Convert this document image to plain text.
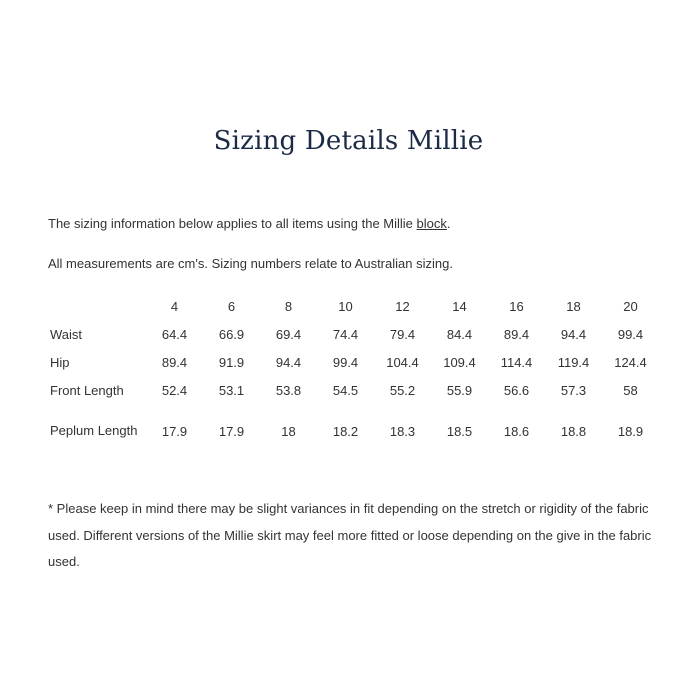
Sizing Details Millie
The sizing information below applies to all items using the Millie block.
All measurements are cm's. Sizing numbers relate to Australian sizing.
	4	6	8	10	12	14	16	18	20
Waist	64.4	66.9	69.4	74.4	79.4	84.4	89.4	94.4	99.4
Hip	89.4	91.9	94.4	99.4	104.4	109.4	114.4	119.4	124.4
Front Length	52.4	53.1	53.8	54.5	55.2	55.9	56.6	57.3	58
Peplum Length	17.9	17.9	18	18.2	18.3	18.5	18.6	18.8	18.9
* Please keep in mind there may be slight variances in fit depending on the stretch or rigidity of the fabric used. Different versions of the Millie skirt may feel more fitted or loose depending on the give in the fabric used.
